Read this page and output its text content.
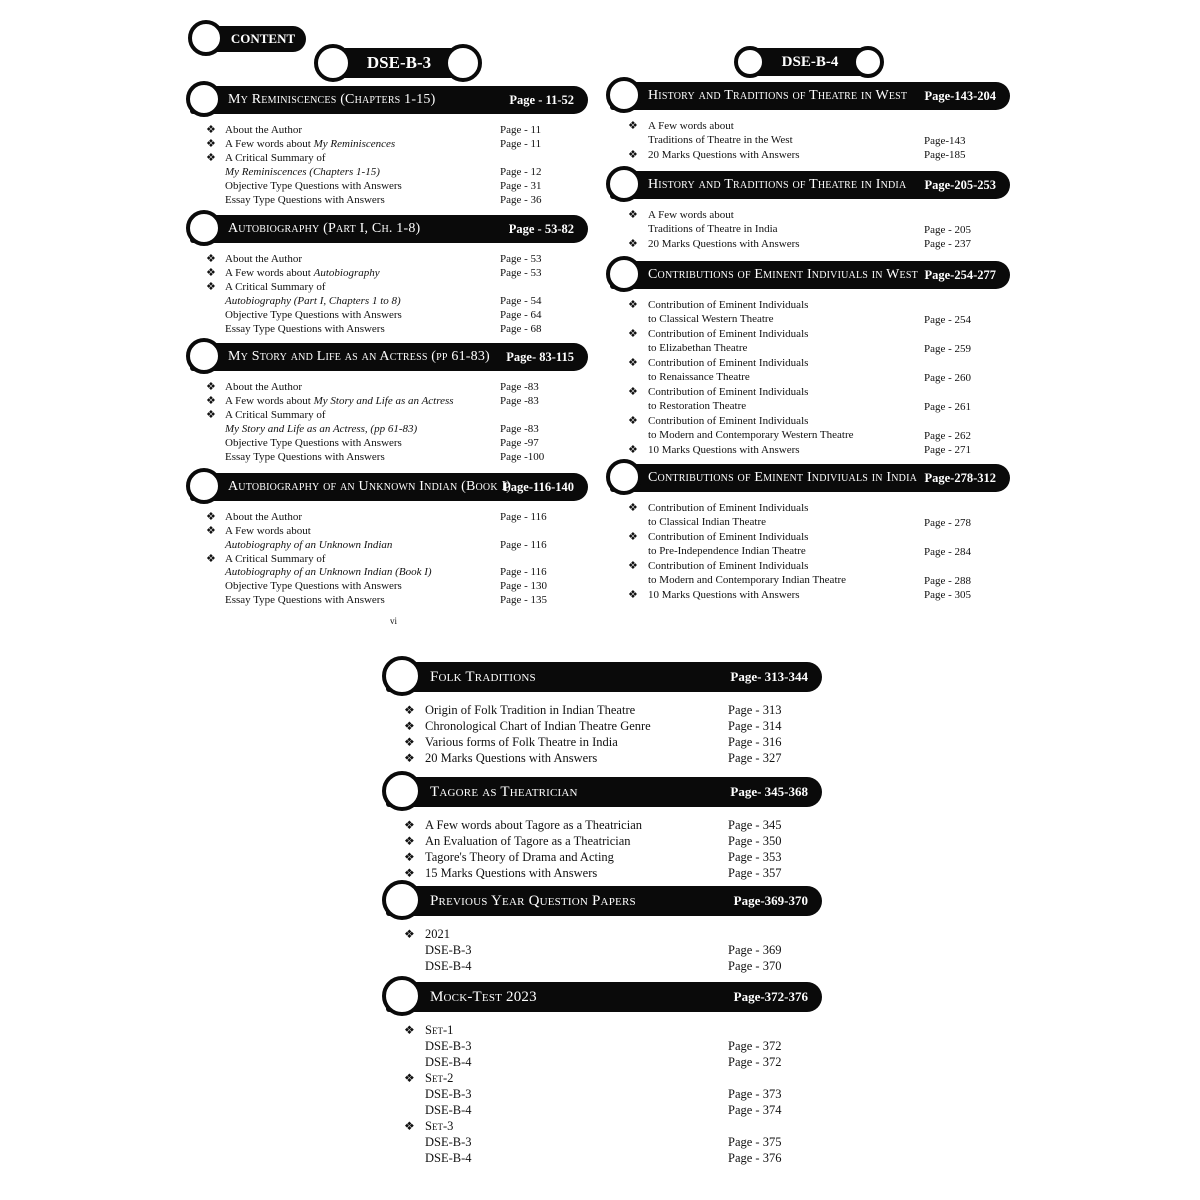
CONTENT
DSE-B-3
My Reminiscences (Chapters 1-15)	Page - 11-52
❖ About the Author	Page - 11
❖ A Few words about My Reminiscences	Page - 11
❖ A Critical Summary of
My Reminiscences (Chapters 1-15)	Page - 12
Objective Type Questions with Answers	Page - 31
Essay Type Questions with Answers	Page - 36
Autobiography (Part I, Ch. 1-8)	Page - 53-82
❖ About the Author	Page - 53
❖ A Few words about Autobiography	Page - 53
❖ A Critical Summary of
Autobiography (Part I, Chapters 1 to 8)	Page - 54
Objective Type Questions with Answers	Page - 64
Essay Type Questions with Answers	Page - 68
My Story and Life as an Actress (pp 61-83) Page- 83-115
❖ About the Author	Page -83
❖ A Few words about My Story and Life as an Actress	Page -83
❖ A Critical Summary of
My Story and Life as an Actress, (pp 61-83)	Page -83
Objective Type Questions with Answers	Page -97
Essay Type Questions with Answers	Page -100
Autobiography of an Unknown Indian (Book I)
Page-116-140
❖ About the Author	Page - 116
❖ A Few words about
Autobiography of an Unknown Indian	Page - 116
❖ A Critical Summary of
Autobiography of an Unknown Indian (Book I)	Page - 116
Objective Type Questions with Answers	Page - 130
Essay Type Questions with Answers	Page - 135
vi
DSE-B-4
History and Traditions of Theatre in West Page-143-204
❖ A Few words about
Traditions of Theatre in the West	Page-143
❖ 20 Marks Questions with Answers	Page-185
History and Traditions of Theatre in India Page-205-253
❖ A Few words about
Traditions of Theatre in India	Page - 205
❖ 20 Marks Questions with Answers	Page - 237
Contributions of Eminent Indiviuals in West Page-254-277
❖ Contribution of Eminent Individuals
to Classical Western Theatre	Page - 254
❖ Contribution of Eminent Individuals
to Elizabethan Theatre	Page - 259
❖ Contribution of Eminent Individuals
to Renaissance Theatre	Page - 260
❖ Contribution of Eminent Individuals
to Restoration Theatre	Page - 261
❖ Contribution of Eminent Individuals
to Modern and Contemporary Western Theatre	Page - 262
❖ 10 Marks Questions with Answers	Page - 271
Contributions of Eminent Indiviuals in India Page-278-312
❖ Contribution of Eminent Individuals
to Classical Indian Theatre	Page - 278
❖ Contribution of Eminent Individuals
to Pre-Independence Indian Theatre	Page - 284
❖ Contribution of Eminent Individuals
to Modern and Contemporary Indian Theatre	Page - 288
❖ 10 Marks Questions with Answers	Page - 305
Folk Traditions	Page- 313-344
❖ Origin of Folk Tradition in Indian Theatre	Page - 313
❖ Chronological Chart of Indian Theatre Genre	Page - 314
❖ Various forms of Folk Theatre in India	Page - 316
❖ 20 Marks Questions with Answers	Page - 327
Tagore as Theatrician	Page- 345-368
❖ A Few words about Tagore as a Theatrician	Page - 345
❖ An Evaluation of Tagore as a Theatrician	Page - 350
❖ Tagore's Theory of Drama and Acting	Page - 353
❖ 15 Marks Questions with Answers	Page - 357
Previous Year Question Papers	Page-369-370
❖ 2021
DSE-B-3	Page - 369
DSE-B-4	Page - 370
Mock-Test 2023	Page-372-376
❖ Set-1
DSE-B-3	Page - 372
DSE-B-4	Page - 372
❖ Set-2
DSE-B-3	Page - 373
DSE-B-4	Page - 374
❖ Set-3
DSE-B-3	Page - 375
DSE-B-4	Page - 376
